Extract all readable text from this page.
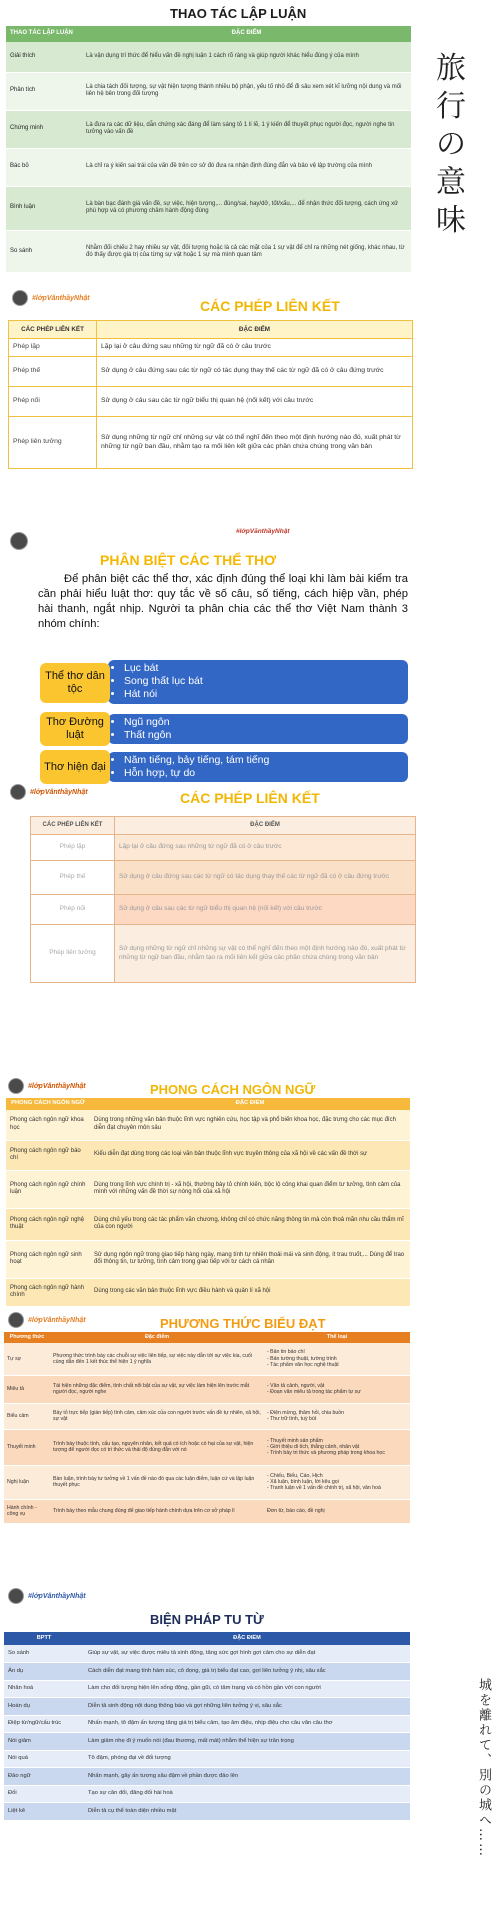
THAO TÁC LẬP LUẬN
THAO TÁC LẬP LUẬN	ĐẶC ĐIỂM
Giải thích	Là vận dụng trí thức để hiểu vấn đề nghị luận 1 cách rõ ràng và giúp người khác hiểu đúng ý của mình
Phân tích	Là chia tách đối tượng, sự vật hiện tượng thành nhiều bộ phận, yếu tố nhỏ để đi sâu xem xét kĩ lưỡng nội dung và mối liên hệ bên trong đối tượng
Chứng minh	Là đưa ra các dữ liệu, dẫn chứng xác đáng để làm sáng tỏ 1 lí lẽ, 1 ý kiến để thuyết phục người đọc, người nghe tin tưởng vào vấn đề
Bác bỏ	Là chỉ ra ý kiến sai trái của vấn đề trên cơ sở đó đưa ra nhận định đúng đắn và bảo vệ lập trường của mình
Bình luận	Là bàn bạc đánh giá vấn đề, sự việc, hiện tượng,... đúng/sai, hay/dở, tốt/xấu,... để nhận thức đối tượng, cách ứng xử phù hợp và có phương châm hành động đúng
So sánh	Nhằm đối chiếu 2 hay nhiều sự vật, đối tượng hoặc là cả các mặt của 1 sự vật để chỉ ra những nét giống, khác nhau, từ đó thấy được giá trị của từng sự vật hoặc 1 sự mà mình quan tâm
旅行の意味
#lớpVănthầyNhật	CÁC PHÉP LIÊN KẾT
CÁC PHÉP LIÊN KẾT	ĐẶC ĐIỂM
Phép lặp	Lặp lại ở câu đứng sau những từ ngữ đã có ở câu trước
Phép thế	Sử dụng ở câu đứng sau các từ ngữ có tác dụng thay thế các từ ngữ đã có ở câu đứng trước
Phép nối	Sử dụng ở câu sau các từ ngữ biểu thị quan hệ (nối kết) với câu trước
Phép liên tưởng	Sử dụng những từ ngữ chỉ những sự vật có thể nghĩ đến theo một định hướng nào đó, xuất phát từ những từ ngữ ban đầu, nhằm tạo ra mối liên kết giữa các phần chứa chúng trong văn bản
#lớpVănthầyNhật
PHÂN BIỆT CÁC THỂ THƠ
Để phân biệt các thể thơ, xác định đúng thể loại khi làm bài kiểm tra cần phải hiểu luật thơ: quy tắc về số câu, số tiếng, cách hiệp vần, phép hài thanh, ngắt nhịp. Người ta phân chia các thể thơ Việt Nam thành 3 nhóm chính:
• Lục bát
• Song thất lục bát
• Hát nói
Thể thơ dân tộc
• Ngũ ngôn
• Thất ngôn
Thơ Đường luật
#lớpVănthầyNhật	CÁC PHÉP LIÊN KẾT
CÁC PHÉP LIÊN KẾT	ĐẶC ĐIỂM
Phép lặp	Lặp lại ở câu đứng sau những từ ngữ đã có ở câu trước
Phép thế	Sử dụng ở câu đứng sau các từ ngữ có tác dụng thay thế các từ ngữ đã có ở câu đứng trước
Phép nối	Sử dụng ở câu sau các từ ngữ biểu thị quan hệ (nối kết) với câu trước
Phép liên tưởng	Sử dụng những từ ngữ chỉ những sự vật có thể nghĩ đến theo một định hướng nào đó, xuất phát từ những từ ngữ ban đầu, nhằm tạo ra mối liên kết giữa các phần chứa chúng trong văn bản
#lớpVănthầyNhật	PHONG CÁCH NGÔN NGỮ
PHONG CÁCH NGÔN NGỮ	ĐẶC ĐIỂM
Phong cách ngôn ngữ khoa học	Dùng trong những văn bản thuộc lĩnh vực nghiên cứu, học tập và phổ biến khoa học, đặc trưng cho các mục đích diễn đạt chuyên môn sâu
Phong cách ngôn ngữ báo chí	Kiểu diễn đạt dùng trong các loại văn bản thuộc lĩnh vực truyền thông của xã hội về các vấn đề thời sự
Phong cách ngôn ngữ chính luận	Dùng trong lĩnh vực chính trị - xã hội, thường bày tỏ chính kiến, bộc lộ công khai quan điểm tư tưởng, tình cảm của mình với những vấn đề thời sự nóng hổi của xã hội
Phong cách ngôn ngữ nghệ thuật	Dùng chủ yếu trong các tác phẩm văn chương, không chỉ có chức năng thông tin mà còn thoả mãn nhu cầu thẩm mĩ của con người
Phong cách ngôn ngữ sinh hoạt	Sử dụng ngôn ngữ trong giao tiếp hàng ngày, mang tính tự nhiên thoải mái và sinh động, ít trau truốt,... Dùng để trao đổi thông tin, tư tưởng, tình cảm trong giao tiếp với tư cách cá nhân
Phong cách ngôn ngữ hành chính	Dùng trong các văn bản thuộc lĩnh vực điều hành và quản lí xã hội
#lớpVănthầyNhật	PHƯƠNG THỨC BIỂU ĐẠT
Phương thức	Đặc điểm	Thể loại
Tự sự	Phương thức trình bày các chuỗi sự việc liên tiếp, sự việc này dẫn tới sự việc kia, cuối cùng dẫn đến 1 kết thúc thể hiện 1 ý nghĩa	- Bản tin báo chí
- Bản tường thuật, tường trình
- Tác phẩm văn học nghệ thuật
Miêu tả	Tái hiện những đặc điểm, tính chất nổi bật của sự vật, sự việc làm hiện lên trước mắt người đọc, người nghe	- Văn tả cảnh, người, vật
- Đoạn văn miêu tả trong tác phẩm tự sự
Biểu cảm	Bày tỏ trực tiếp (gián tiếp) tình cảm, cảm xúc của con người trước vấn đề tự nhiên, xã hội, sự vật	- Điện mừng, thăm hỏi, chia buồn
- Thư trữ tình, tuỳ bút
Thuyết minh	Trình bày thuộc tính, cấu tạo, nguyên nhân, kết quả có ích hoặc có hại của sự vật, hiện tượng để người đọc có tri thức và thái độ đúng đắn với nó	- Thuyết minh sản phẩm
- Giới thiệu di tích, thắng cảnh, nhân vật
- Trình bày tri thức và phương pháp trong khoa học
Nghị luận	Bàn luận, trình bày tư tưởng về 1 vấn đề nào đó qua các luận điểm, luận cứ và lập luận thuyết phục	- Chiếu, Biểu, Cáo, Hịch
- Xã luận, bình luận, lời kêu gọi
- Tranh luận về 1 vấn đề chính trị, xã hội, văn hoá
Hành chính - công vụ	Trình bày theo mẫu chung đúng để giao tiếp hành chính dựa trên cơ sở pháp lí	Đơn từ, báo cáo, đề nghị
#lớpVănthầyNhật
BIỆN PHÁP TU TỪ
BPTT	ĐẶC ĐIỂM
So sánh	Giúp sự vật, sự việc được miêu tả sinh động, tăng sức gợi hình gợi cảm cho sự diễn đạt
Ẩn dụ	Cách diễn đạt mang tính hàm súc, cô đọng, giá trị biểu đạt cao, gợi liên tưởng ý nhị, sâu sắc
Nhân hoá	Làm cho đối tượng hiện lên sống động, gần gũi, có tâm trạng và có hồn gần với con người
Hoán dụ	Diễn tả sinh động nội dung thông báo và gợi những liên tưởng ý vị, sâu sắc
Điệp từ/ngữ/cấu trúc	Nhấn mạnh, tô đậm ấn tượng tăng giá trị biểu cảm, tạo âm điệu, nhịp điệu cho câu văn câu thơ
Nói giảm	Làm giảm nhẹ đi ý muốn nói (đau thương, mất mát) nhằm thể hiện sự trân trọng
Nói quá	Tô đậm, phóng đại về đối tượng
Đảo ngữ	Nhấn mạnh, gây ấn tượng sâu đậm về phần được đảo lên
Đối	Tạo sự cân đối, đăng đối hài hoà
Liệt kê	Diễn tả cụ thể toàn diện nhiều mặt	城を離れて、別の城へ……
• Năm tiếng, bảy tiếng, tám tiếng
• Hỗn hợp, tự do
Thơ hiện đại
